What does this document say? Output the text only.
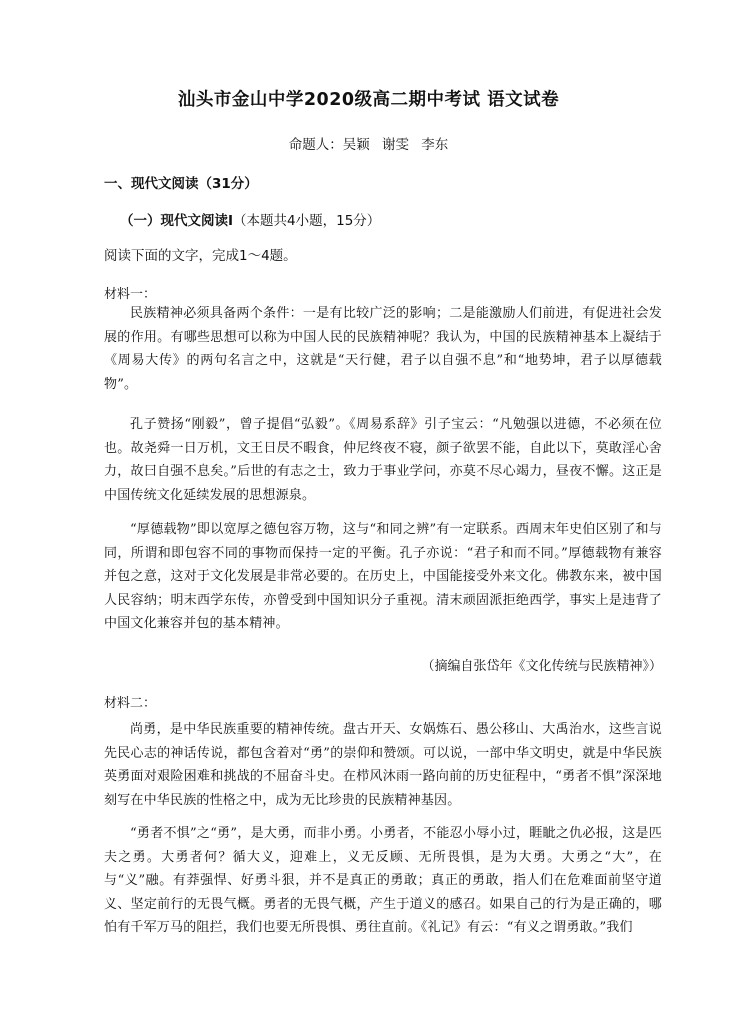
汕头市金山中学2020级高二期中考试 语文试卷
命题人：吴颖 谢雯 李东
一、现代文阅读（31分）
（一）现代文阅读Ⅰ（本题共4小题，15分）
阅读下面的文字，完成1～4题。
材料一：

民族精神必须具备两个条件：一是有比较广泛的影响；二是能激励人们前进，有促进社会发展的作用。有哪些思想可以称为中国人民的民族精神呢？我认为，中国的民族精神基本上凝结于《周易大传》的两句名言之中，这就是“天行健，君子以自强不息”和“地势坤，君子以厚德载物”。

孔子赞扬“刚毅”，曾子提倡“弘毅”。《周易系辞》引子宝云：“凡勉强以进德，不必须在位也。故尧舜一日万机，文王日昃不暇食，仲尼终夜不寝，颜子欲罢不能，自此以下，莫敢淫心舍力，故曰自强不息矣。”后世的有志之士，致力于事业学问，亦莫不尽心竭力，昼夜不懈。这正是中国传统文化延续发展的思想源泉。

“厚德载物”即以宽厚之德包容万物，这与“和同之辨”有一定联系。西周末年史伯区别了和与同，所谓和即包容不同的事物而保持一定的平衡。孔子亦说：“君子和而不同。”厚德载物有兼容并包之意，这对于文化发展是非常必要的。在历史上，中国能接受外来文化。佛教东来，被中国人民容纳；明末西学东传，亦曾受到中国知识分子重视。清末顽固派拒绝西学，事实上是违背了中国文化兼容并包的基本精神。

（摘编自张岱年《文化传统与民族精神》）
材料二：

尚勇，是中华民族重要的精神传统。盘古开天、女娲炼石、愚公移山、大禹治水，这些言说先民心志的神话传说，都包含着对“勇”的崇仰和赞颂。可以说，一部中华文明史，就是中华民族英勇面对艰险困难和挑战的不屈奋斗史。在栉风沐雨一路向前的历史征程中，“勇者不惧”深深地刻写在中华民族的性格之中，成为无比珍贵的民族精神基因。

“勇者不惧”之“勇”，是大勇，而非小勇。小勇者，不能忍小辱小过，睚眦之仇必报，这是匹夫之勇。大勇者何？循大义，迎难上，义无反顾、无所畏惧，是为大勇。大勇之“大”，在与“义”融。有莽强悍、好勇斗狠，并不是真正的勇敢；真正的勇敢，指人们在危难面前坚守道义、坚定前行的无畏气概。勇者的无畏气概，产生于道义的感召。如果自己的行为是正确的，哪怕有千军万马的阻拦，我们也要无所畏惧、勇往直前。《礼记》有云：“有义之谓勇敢。”我们
